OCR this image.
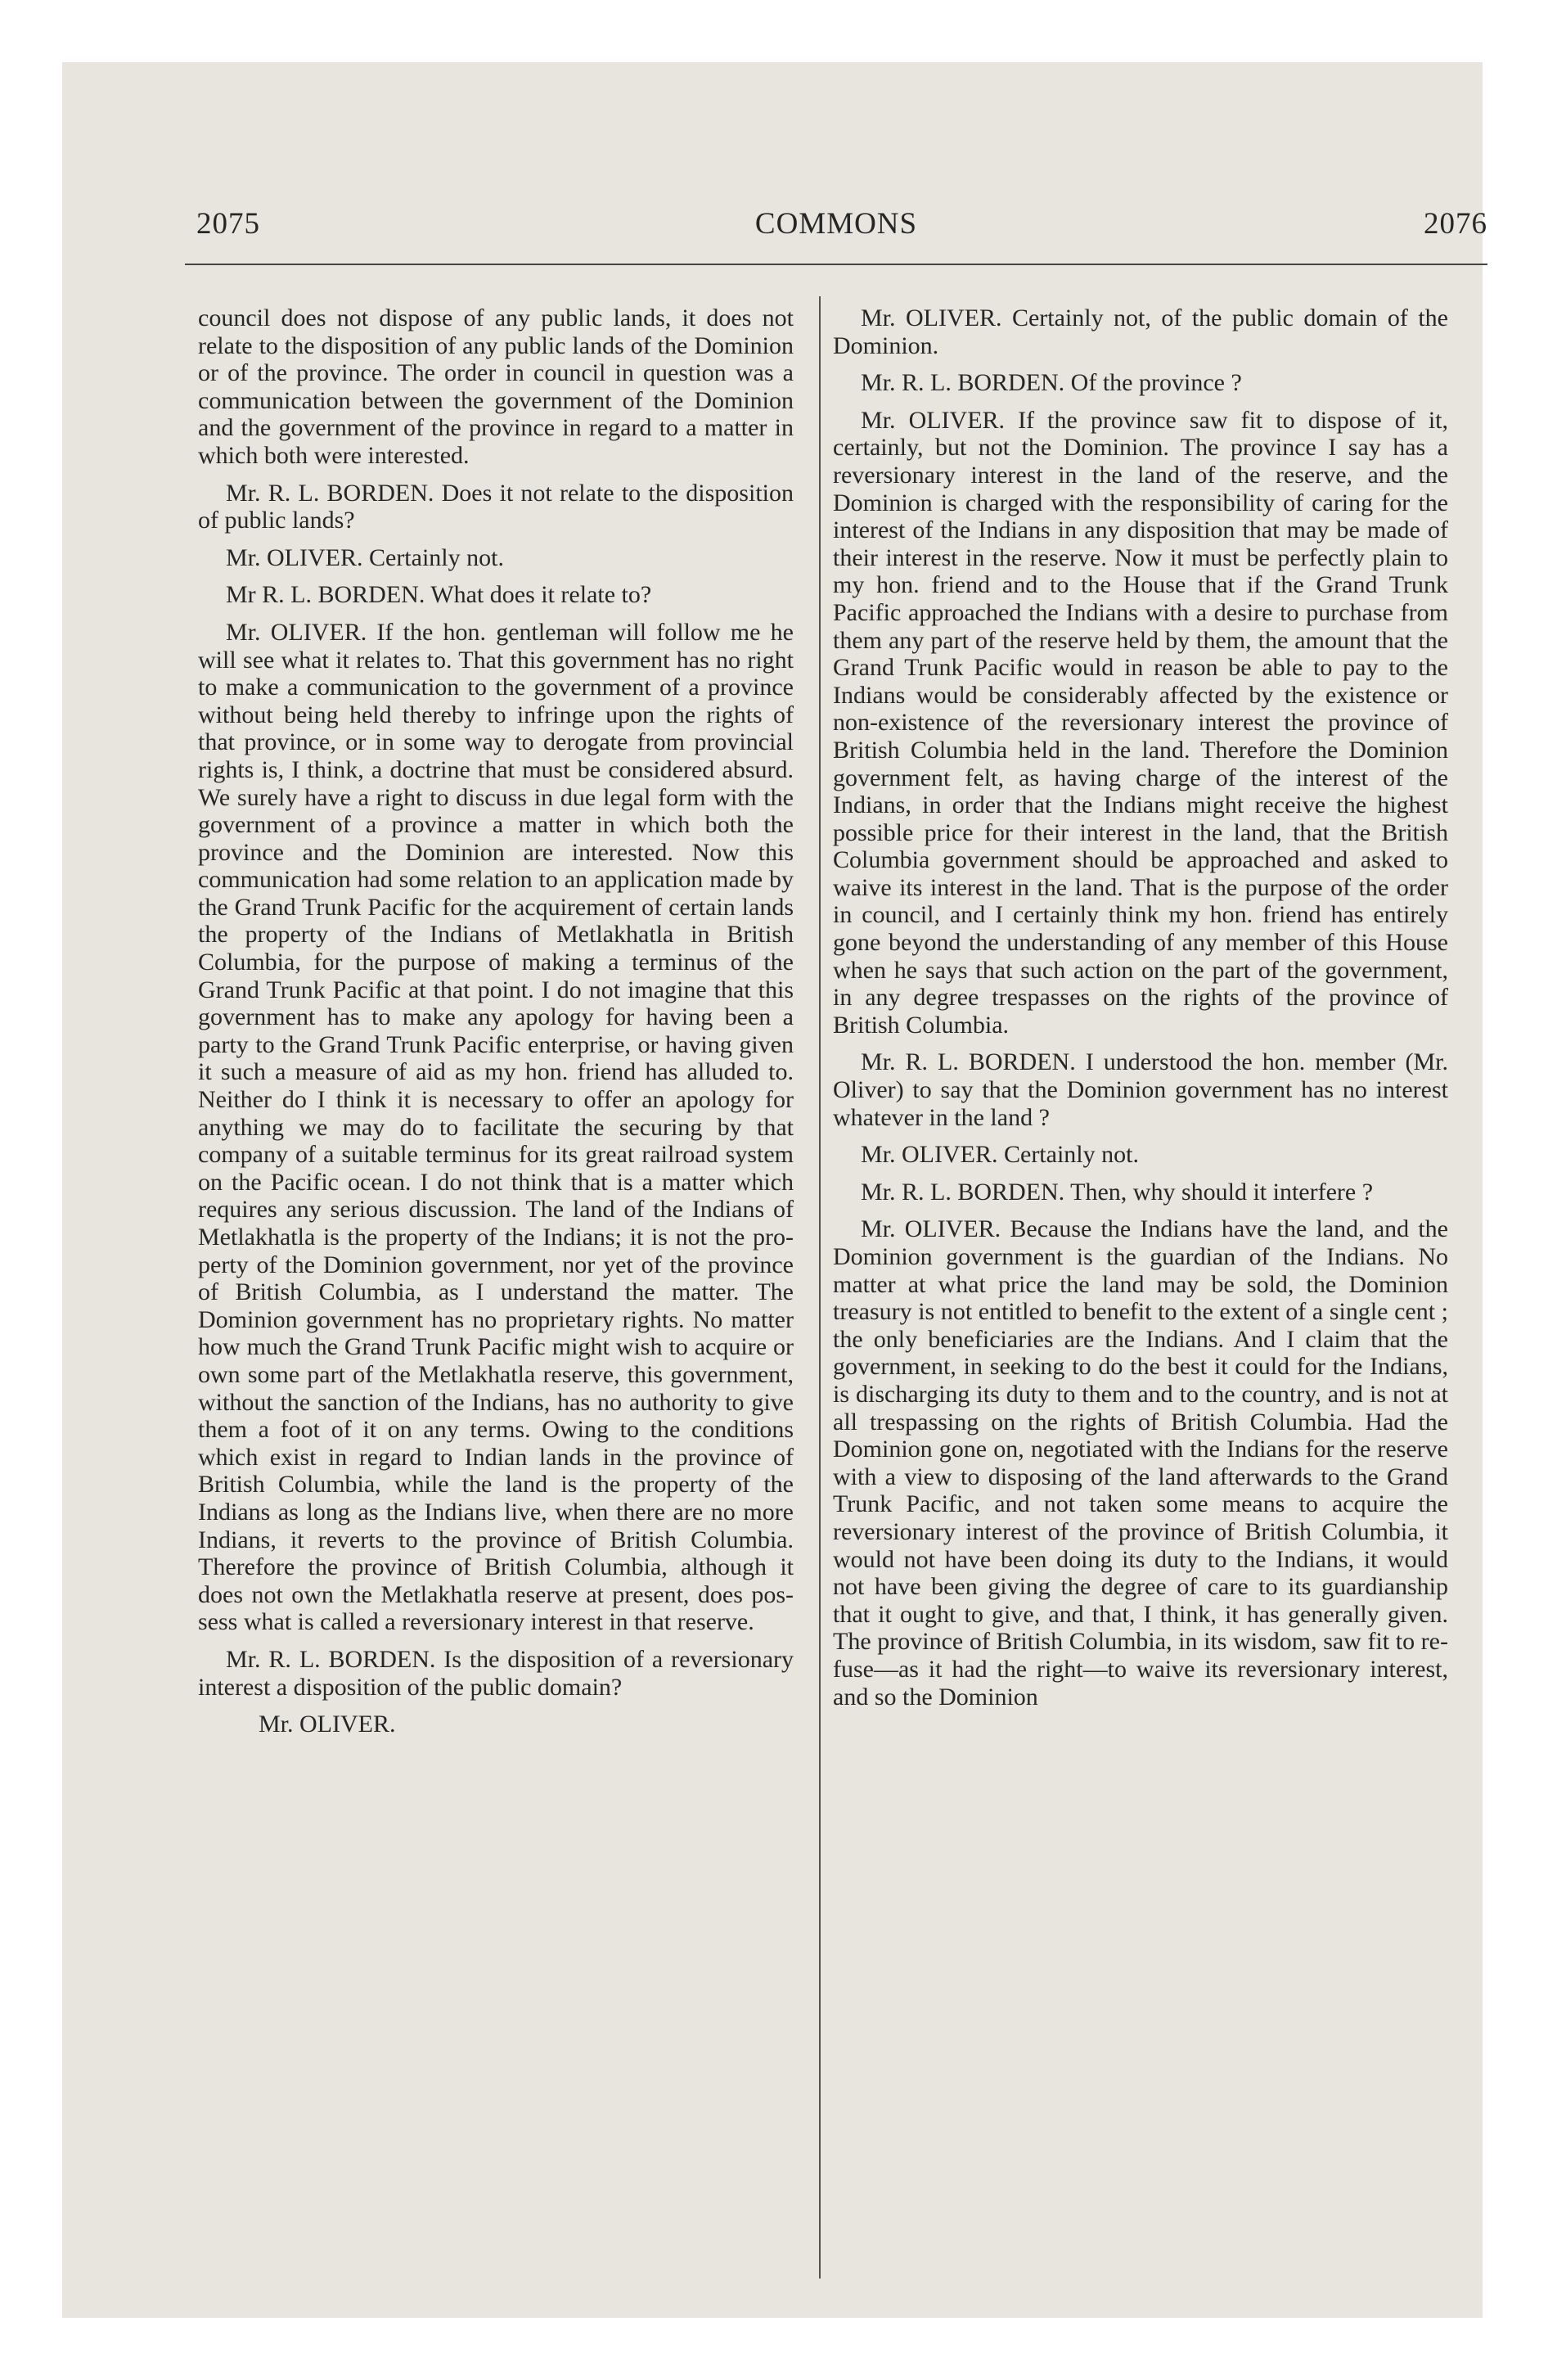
2075	COMMONS	2076

council does not dispose of any public lands, it does not relate to the disposition of any public lands of the Dominion or of the province. The order in council in question was a communication between the government of the Dominion and the government of the province in regard to a matter in which both were interested.

Mr. R. L. BORDEN. Does it not relate to the disposition of public lands?

Mr. OLIVER. Certainly not.

Mr R. L. BORDEN. What does it relate to?

Mr. OLIVER. If the hon. gentleman will follow me he will see what it relates to. That this government has no right to make a communication to the government of a province without being held thereby to infringe upon the rights of that province, or in some way to derogate from provincial rights is, I think, a doctrine that must be considered absurd. We surely have a right to discuss in due legal form with the government of a province a matter in which both the province and the Dominion are interested. Now this communication had some relation to an application made by the Grand Trunk Pacific for the acquirement of certain lands the property of the Indians of Metlakhatla in British Columbia, for the purpose of making a terminus of the Grand Trunk Pacific at that point. I do not imagine that this government has to make any apology for having been a party to the Grand Trunk Pacific enterprise, or having given it such a measure of aid as my hon. friend has alluded to. Neither do I think it is necessary to offer an apology for anything we may do to facilitate the securing by that company of a suitable terminus for its great railroad system on the Pacific ocean. I do not think that is a matter which requires any serious discussion. The land of the Indians of Metlakhatla is the property of the Indians; it is not the property of the Dominion government, nor yet of the province of British Columbia, as I understand the matter. The Dominion government has no proprietary rights. No matter how much the Grand Trunk Pacific might wish to acquire or own some part of the Metlakhatla reserve, this government, without the sanction of the Indians, has no authority to give them a foot of it on any terms. Owing to the conditions which exist in regard to Indian lands in the province of British Columbia, while the land is the property of the Indians as long as the Indians live, when there are no more Indians, it reverts to the province of British Columbia. Therefore the province of British Columbia, although it does not own the Metlakhatla reserve at present, does possess what is called a reversionary interest in that reserve.

Mr. R. L. BORDEN. Is the disposition of a reversionary interest a disposition of the public domain?

Mr. OLIVER.

Mr. OLIVER. Certainly not, of the public domain of the Dominion.

Mr. R. L. BORDEN. Of the province ?

Mr. OLIVER. If the province saw fit to dispose of it, certainly, but not the Dominion. The province I say has a reversionary interest in the land of the reserve, and the Dominion is charged with the responsibility of caring for the interest of the Indians in any disposition that may be made of their interest in the reserve. Now it must be perfectly plain to my hon. friend and to the House that if the Grand Trunk Pacific approached the Indians with a desire to purchase from them any part of the reserve held by them, the amount that the Grand Trunk Pacific would in reason be able to pay to the Indians would be considerably affected by the existence or non-existence of the reversionary interest the province of British Columbia held in the land. Therefore the Dominion government felt, as having charge of the interest of the Indians, in order that the Indians might receive the highest possible price for their interest in the land, that the British Columbia government should be approached and asked to waive its interest in the land. That is the purpose of the order in council, and I certainly think my hon. friend has entirely gone beyond the understanding of any member of this House when he says that such action on the part of the government, in any degree trespasses on the rights of the province of British Columbia.

Mr. R. L. BORDEN. I understood the hon. member (Mr. Oliver) to say that the Dominion government has no interest whatever in the land ?

Mr. OLIVER. Certainly not.

Mr. R. L. BORDEN. Then, why should it interfere ?

Mr. OLIVER. Because the Indians have the land, and the Dominion government is the guardian of the Indians. No matter at what price the land may be sold, the Dominion treasury is not entitled to benefit to the extent of a single cent ; the only beneficiaries are the Indians. And I claim that the government, in seeking to do the best it could for the Indians, is discharging its duty to them and to the country, and is not at all trespassing on the rights of British Columbia. Had the Dominion gone on, negotiated with the Indians for the reserve with a view to disposing of the land afterwards to the Grand Trunk Pacific, and not taken some means to acquire the reversionary interest of the province of British Columbia, it would not have been doing its duty to the Indians, it would not have been giving the degree of care to its guardianship that it ought to give, and that, I think, it has generally given. The province of British Columbia, in its wisdom, saw fit to refuse—as it had the right—to waive its reversionary interest, and so the Dominion
